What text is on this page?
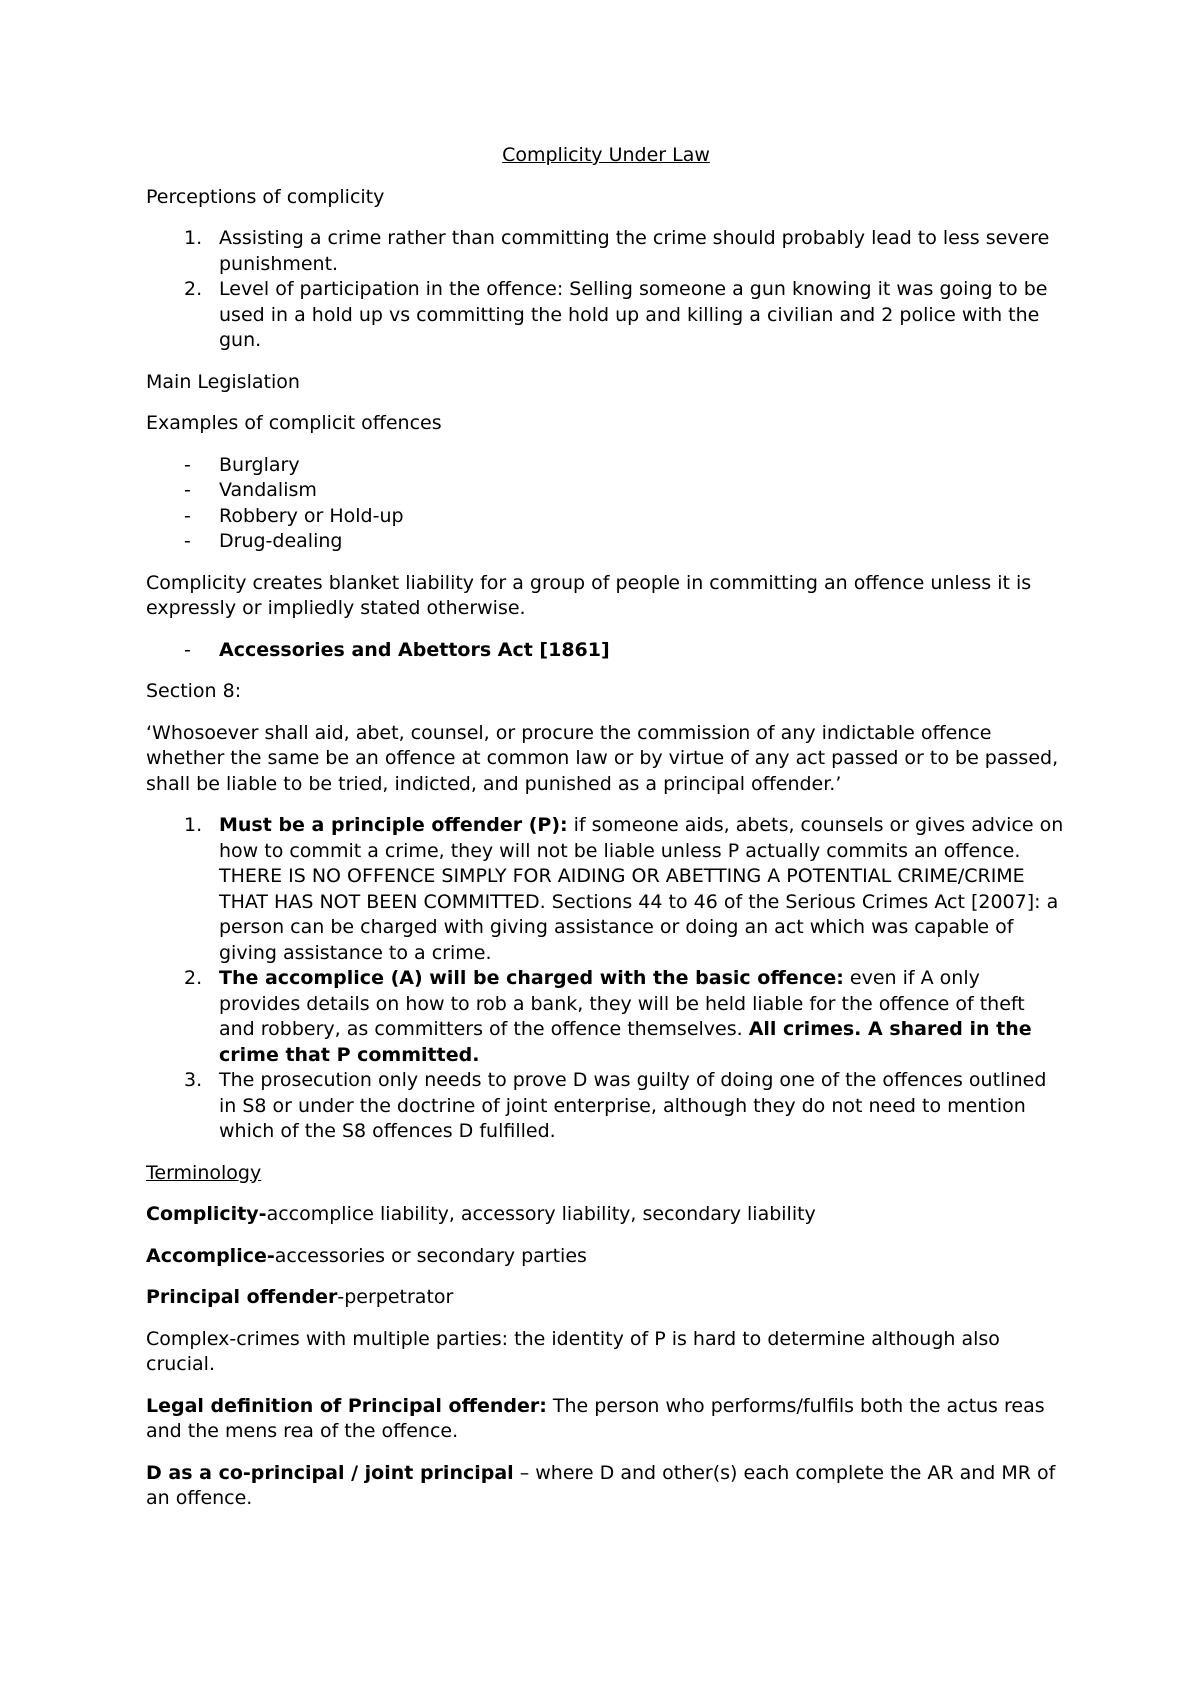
Complicity Under Law

Perceptions of complicity

1. Assisting a crime rather than committing the crime should probably lead to less severe punishment.
2. Level of participation in the offence: Selling someone a gun knowing it was going to be used in a hold up vs committing the hold up and killing a civilian and 2 police with the gun.

Main Legislation

Examples of complicit offences

- Burglary
- Vandalism
- Robbery or Hold-up
- Drug-dealing

Complicity creates blanket liability for a group of people in committing an offence unless it is expressly or impliedly stated otherwise.

- Accessories and Abettors Act [1861]

Section 8:

‘Whosoever shall aid, abet, counsel, or procure the commission of any indictable offence whether the same be an offence at common law or by virtue of any act passed or to be passed, shall be liable to be tried, indicted, and punished as a principal offender.’

1. Must be a principle offender (P): if someone aids, abets, counsels or gives advice on how to commit a crime, they will not be liable unless P actually commits an offence. THERE IS NO OFFENCE SIMPLY FOR AIDING OR ABETTING A POTENTIAL CRIME/CRIME THAT HAS NOT BEEN COMMITTED. Sections 44 to 46 of the Serious Crimes Act [2007]: a person can be charged with giving assistance or doing an act which was capable of giving assistance to a crime.
2. The accomplice (A) will be charged with the basic offence: even if A only provides details on how to rob a bank, they will be held liable for the offence of theft and robbery, as committers of the offence themselves. All crimes. A shared in the crime that P committed.
3. The prosecution only needs to prove D was guilty of doing one of the offences outlined in S8 or under the doctrine of joint enterprise, although they do not need to mention which of the S8 offences D fulfilled.

Terminology

Complicity-accomplice liability, accessory liability, secondary liability

Accomplice-accessories or secondary parties

Principal offender-perpetrator

Complex-crimes with multiple parties: the identity of P is hard to determine although also crucial.

Legal definition of Principal offender: The person who performs/fulfils both the actus reas and the mens rea of the offence.

D as a co-principal / joint principal – where D and other(s) each complete the AR and MR of an offence.
